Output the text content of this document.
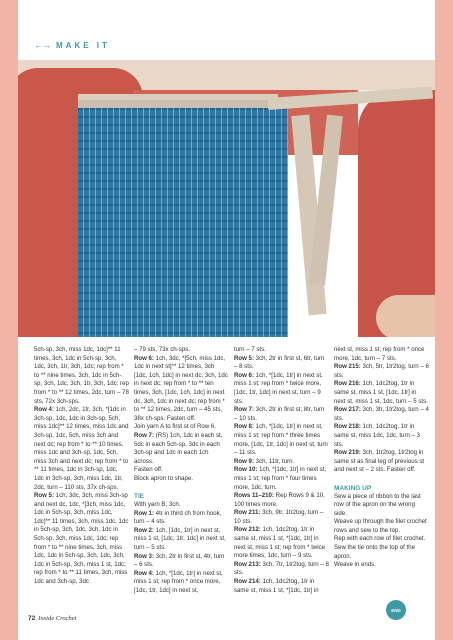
←→ MAKE IT
5ch-sp, 3ch, miss 1dc, 1dc]** 11 times, 3ch, 1dc in 5ch-sp, 3ch, 1dc, 3ch, 1tr, 3ch, 1dc; rep from * to ** nine times, 3ch, 1dc in 5ch-sp, 3ch, 1dc, 3ch, 1tr, 3ch, 1dc; rep from * to ** 12 times, 2dc, turn – 78 sts, 72x 3ch-sps.
Row 4: 1ch, 2dc, 1tr, 3ch, *[1dc in 3ch-sp, 1dc, 1dc in 3ch-sp, 5ch, miss 1dc]** 12 times, miss 1dc and 3ch-sp, 1dc, 5ch, miss 3ch and next dc; rep from * to ** 10 times, miss 1dc and 3ch-sp, 1dc, 5ch, miss 3ch and next dc; rep from * to ** 11 times, 1dc in 3ch-sp, 1dc, 1dc in 3ch-sp, 3ch, miss 1dc, 1tr, 2dc, turn – 110 sts, 37x ch-sps.
Row 5: 1ch, 3dc, 3ch, miss 3ch-sp and next dc, 1dc, *[3ch, miss 1dc, 1dc in 5ch-sp, 3ch, miss 1dc, 1dc]** 11 times, 3ch, miss 1dc, 1dc in 5ch-sp, 3ch, 1dc, 3ch, 1dc in 5ch-sp, 3ch, miss 1dc, 1dc; rep from * to ** nine times, 3ch, miss 1dc, 1dc in 5ch-sp, 3ch, 1dc, 3ch, 1dc in 5ch-sp, 3ch, miss 1 st, 1dc; rep from * to ** 11 times, 3ch, miss 1dc and 3ch-sp, 3dc
– 79 sts, 73x ch-sps.
Row 6: 1ch, 3dc, *[5ch, miss 1dc, 1dc in next st]** 12 times, 3ch [1dc, 1ch, 1dc] in next dc, 3ch, 1dc in next dc; rep from * to ** ten times, 3ch, [1dc, 1ch, 1dc] in next dc, 3ch, 1dc in next dc; rep from * to ** 12 times, 2dc, turn – 45 sts, 38x ch-sps. Fasten off.
Join yarn A to first st of Row 6.
Row 7: (RS) 1ch, 1dc in each st, 5dc in each 5ch-sp, 3dc in each 3ch-sp and 1dc in each 1ch across.
Fasten off.
Block apron to shape.
TIE
With yarn B, 3ch.
Row 1: 4tr in third ch from hook, turn – 4 sts.
Row 2: 1ch, [1dc, 1tr] in next st, miss 1 st, [1dc, 1tr, 1dc] in next st, turn – 5 sts.
Row 3: 3ch, 2tr in first st, 4tr, turn – 6 sts.
Row 4: 1ch, *[1dc, 1tr] in next st, miss 1 st; rep from * once more, [1dc, 1tr, 1dc] in next st,
turn – 7 sts.
Row 5: 3ch, 2tr in first st, 6tr, turn – 8 sts.
Row 6: 1ch, *[1dc, 1tr] in next st, miss 1 st; rep from * twice more, [1dc, 1tr, 1dc] in next st, turn – 9 sts.
Row 7: 3ch, 2tr in first st, 8tr, turn – 10 sts.
Row 8: 1ch, *[1dc, 1tr] in next st, miss 1 st; rep from * three times more, [1dc, 1tr, 1dc] in next st, turn – 11 sts.
Row 9: 3ch, 11tr, turn.
Row 10: 1ch, *[1dc, 1tr] in next st, miss 1 st; rep from * four times more, 1dc, turn.
Rows 11–210: Rep Rows 9 & 10, 100 times more.
Row 211: 3ch, 9tr, 1tr2tog, turn – 10 sts.
Row 212: 1ch, 1dc2tog, 1tr in same st, miss 1 st, *[1dc, 1tr] in next st, miss 1 st; rep from * twice more times, 1dc, turn – 9 sts.
Row 213: 3ch, 7tr, 1tr2tog, turn – 8 sts.
Row 214: 1ch, 1dc2tog, 1tr in same st, miss 1 st, *[1dc, 1tr] in
next st, miss 1 st; rep from * once more, 1dc, turn – 7 sts.
Row 215: 3ch, 5tr, 1tr2tog, turn – 6 sts.
Row 216: 1ch, 1dc2tog, 1tr in same st, miss 1 st, [1dc, 1tr] in next st, miss 1 st, 1dc, turn – 5 sts.
Row 217: 3ch, 3tr, 1tr2tog, turn – 4 sts.
Row 218: 1ch, 1dc2tog, 1tr in same st, miss 1dc, 1dc, turn – 3 sts.
Row 219: 3ch, 1tr2tog, 1tr2tog in same st as final leg of previous st and next st – 2 sts. Fasten off.
MAKING UP
Sew a piece of ribbon to the last row of the apron on the wrong side.
Weave up through the filet crochet rows and sew to the top.
Rep with each row of filet crochet.
Sew the tie onto the top of the apron.
Weave in ends.
END
72 Inside Crochet
